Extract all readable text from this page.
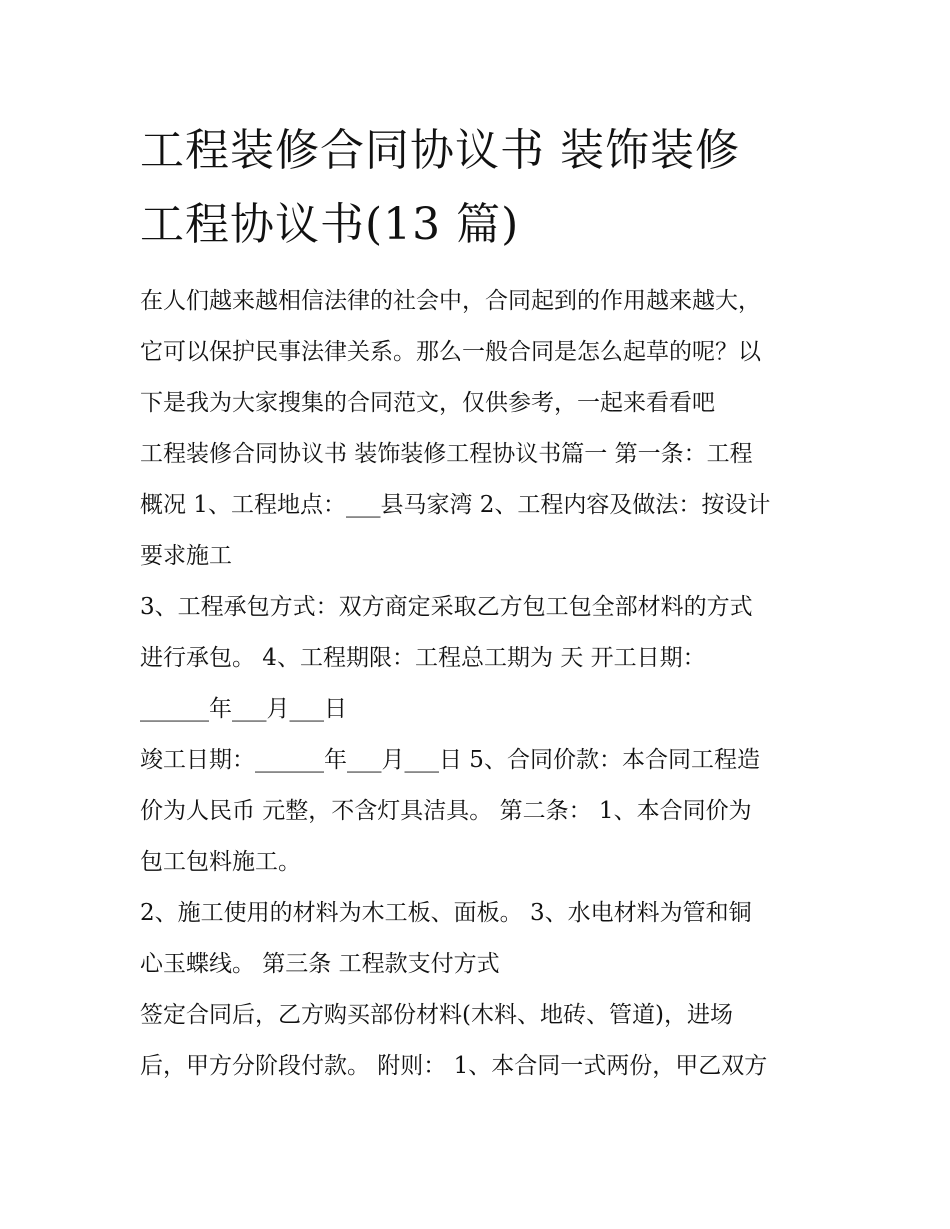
工程装修合同协议书 装饰装修
工程协议书(13 篇)
在人们越来越相信法律的社会中，合同起到的作用越来越大，
它可以保护民事法律关系。那么一般合同是怎么起草的呢？以
下是我为大家搜集的合同范文，仅供参考，一起来看看吧
工程装修合同协议书 装饰装修工程协议书篇一 第一条：工程
概况 1、工程地点：___县马家湾 2、工程内容及做法：按设计
要求施工
3、工程承包方式：双方商定采取乙方包工包全部材料的方式
进行承包。 4、工程期限：工程总工期为 天 开工日期：
______年___月___日
竣工日期：______年___月___日 5、合同价款：本合同工程造
价为人民币 元整，不含灯具洁具。 第二条： 1、本合同价为
包工包料施工。
2、施工使用的材料为木工板、面板。 3、水电材料为管和铜
心玉蝶线。 第三条 工程款支付方式
签定合同后，乙方购买部份材料(木料、地砖、管道)，进场
后，甲方分阶段付款。 附则： 1、本合同一式两份，甲乙双方
